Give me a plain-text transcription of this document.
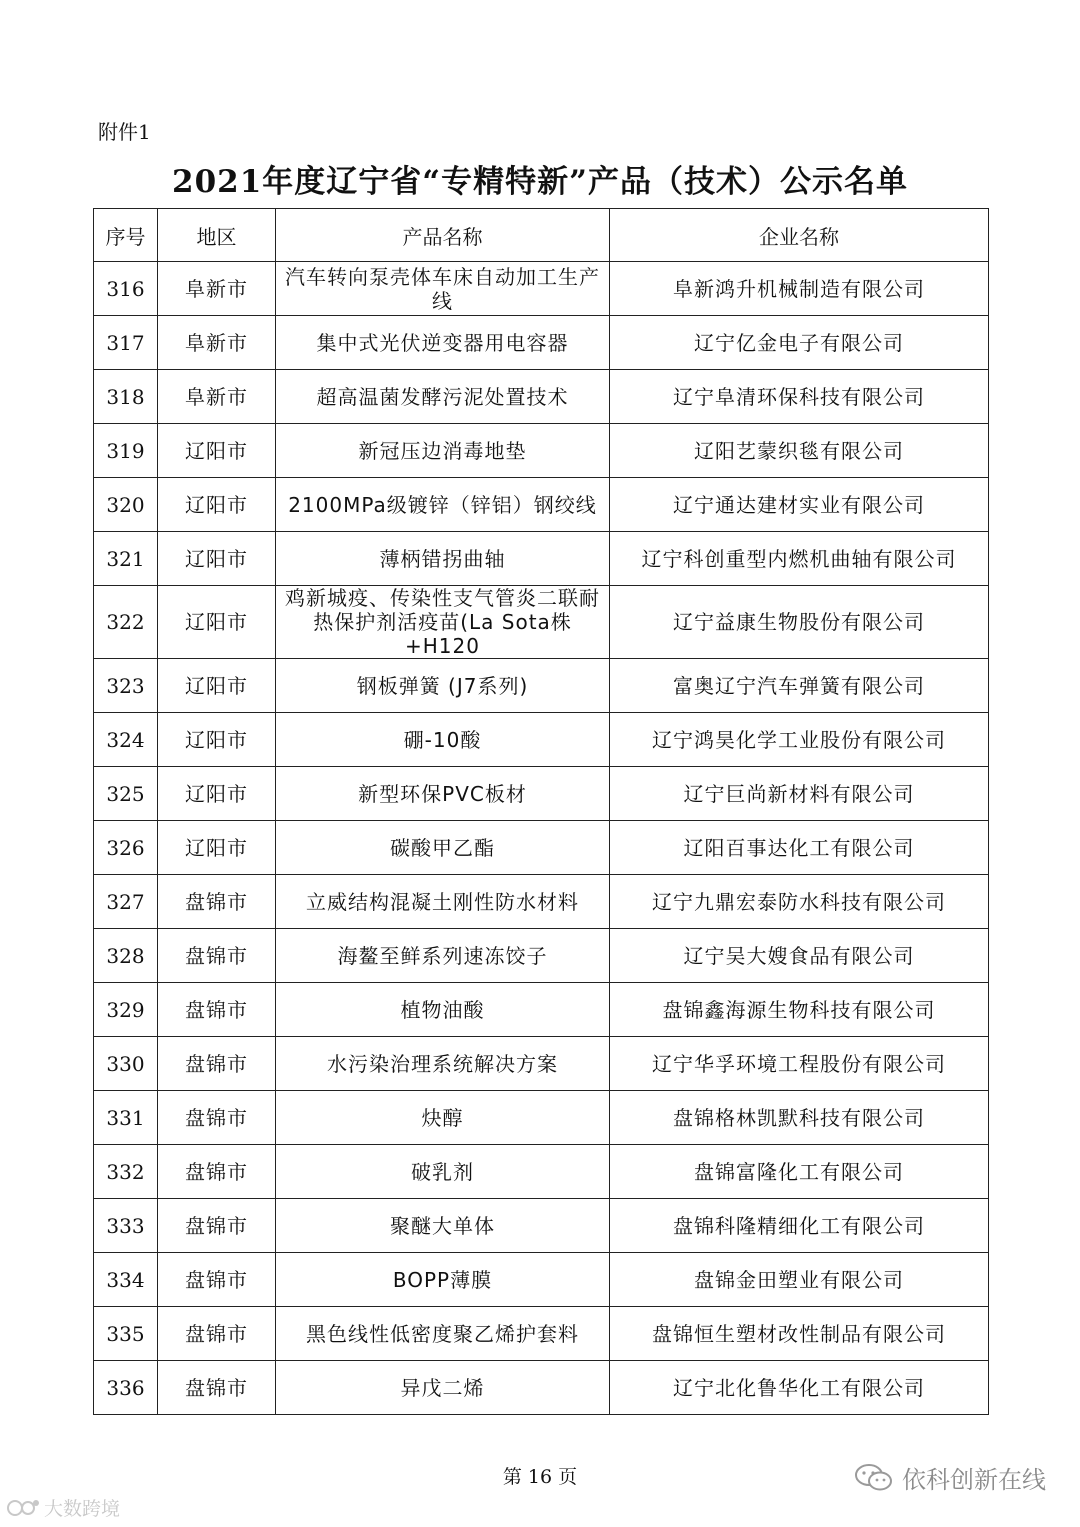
附件1
2021年度辽宁省“专精特新”产品（技术）公示名单
序号	地区	产品名称	企业名称
316	阜新市	汽车转向泵壳体车床自动加工生产线	阜新鸿升机械制造有限公司
317	阜新市	集中式光伏逆变器用电容器	辽宁亿金电子有限公司
318	阜新市	超高温菌发酵污泥处置技术	辽宁阜清环保科技有限公司
319	辽阳市	新冠压边消毒地垫	辽阳艺蒙织毯有限公司
320	辽阳市	2100MPa级镀锌（锌铝）钢绞线	辽宁通达建材实业有限公司
321	辽阳市	薄柄错拐曲轴	辽宁科创重型内燃机曲轴有限公司
322	辽阳市	鸡新城疫、传染性支气管炎二联耐热保护剂活疫苗(La Sota株+H120	辽宁益康生物股份有限公司
323	辽阳市	钢板弹簧 (J7系列)	富奥辽宁汽车弹簧有限公司
324	辽阳市	硼-10酸	辽宁鸿昊化学工业股份有限公司
325	辽阳市	新型环保PVC板材	辽宁巨尚新材料有限公司
326	辽阳市	碳酸甲乙酯	辽阳百事达化工有限公司
327	盘锦市	立威结构混凝土刚性防水材料	辽宁九鼎宏泰防水科技有限公司
328	盘锦市	海鳌至鲜系列速冻饺子	辽宁吴大嫂食品有限公司
329	盘锦市	植物油酸	盘锦鑫海源生物科技有限公司
330	盘锦市	水污染治理系统解决方案	辽宁华孚环境工程股份有限公司
331	盘锦市	炔醇	盘锦格林凯默科技有限公司
332	盘锦市	破乳剂	盘锦富隆化工有限公司
333	盘锦市	聚醚大单体	盘锦科隆精细化工有限公司
334	盘锦市	BOPP薄膜	盘锦金田塑业有限公司
335	盘锦市	黑色线性低密度聚乙烯护套料	盘锦恒生塑材改性制品有限公司
336	盘锦市	异戊二烯	辽宁北化鲁华化工有限公司
第 16 页
大数跨境
依科创新在线
